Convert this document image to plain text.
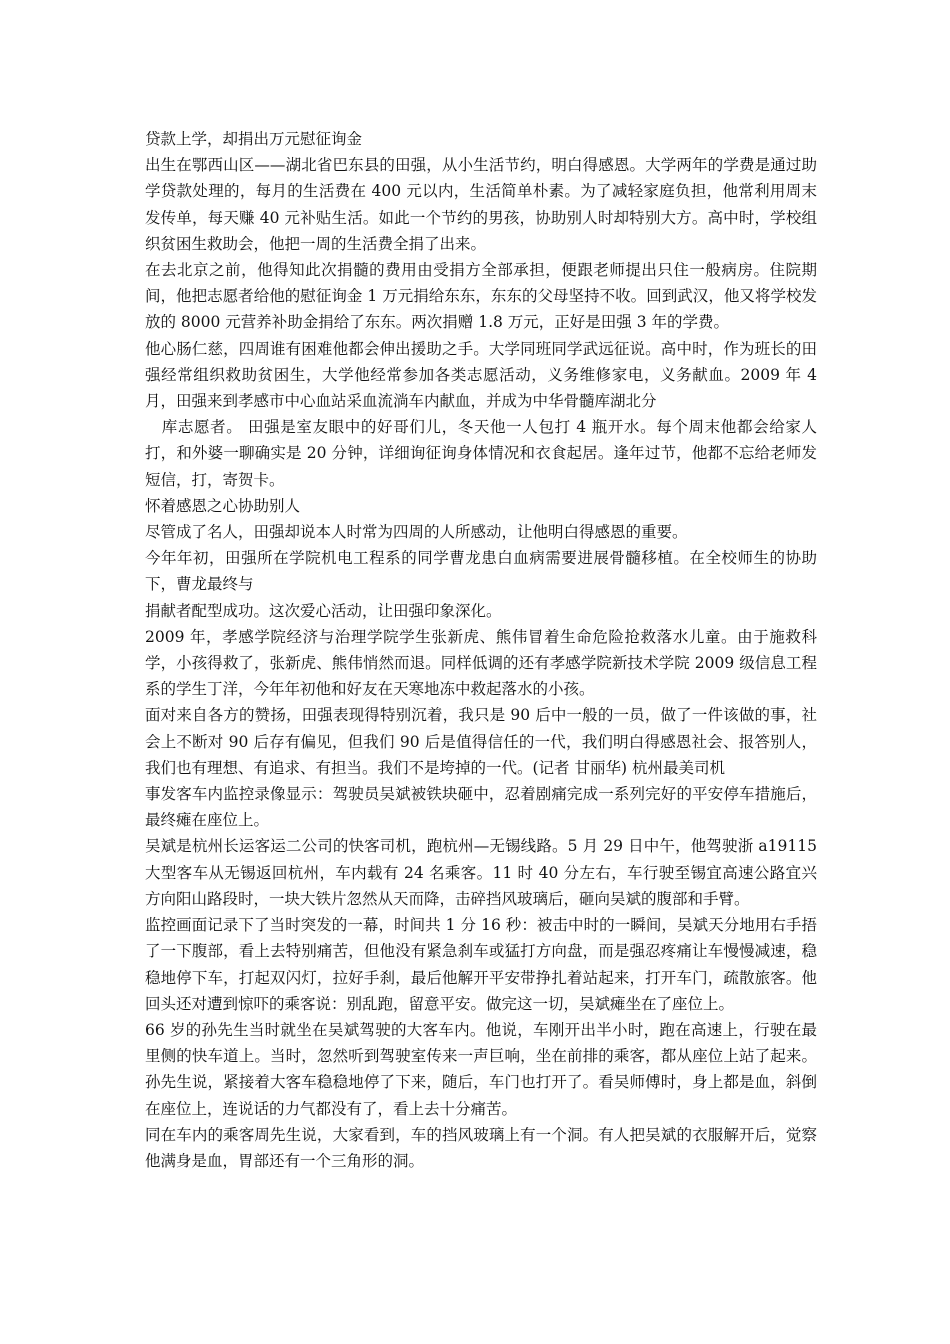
贷款上学，却捐出万元慰征询金

出生在鄂西山区——湖北省巴东县的田强，从小生活节约，明白得感恩。大学两年的学费是通过助学贷款处理的，每月的生活费在 400 元以内，生活简单朴素。为了减轻家庭负担，他常利用周末发传单，每天赚 40 元补贴生活。如此一个节约的男孩，协助别人时却特别大方。高中时，学校组织贫困生救助会，他把一周的生活费全捐了出来。

在去北京之前，他得知此次捐髓的费用由受捐方全部承担，便跟老师提出只住一般病房。住院期间，他把志愿者给他的慰征询金 1 万元捐给东东，东东的父母坚持不收。回到武汉，他又将学校发放的 8000 元营养补助金捐给了东东。两次捐赠 1.8 万元，正好是田强 3 年的学费。

他心肠仁慈，四周谁有困难他都会伸出援助之手。大学同班同学武远征说。高中时，作为班长的田强经常组织救助贫困生，大学他经常参加各类志愿活动，义务维修家电，义务献血。2009 年 4 月，田强来到孝感市中心血站采血流淌车内献血，并成为中华骨髓库湖北分

库志愿者。 田强是室友眼中的好哥们儿，冬天他一人包打 4 瓶开水。每个周末他都会给家人打，和外婆一聊确实是 20 分钟，详细询征询身体情况和衣食起居。逢年过节，他都不忘给老师发短信，打，寄贺卡。

怀着感恩之心协助别人

尽管成了名人，田强却说本人时常为四周的人所感动，让他明白得感恩的重要。

今年年初，田强所在学院机电工程系的同学曹龙患白血病需要进展骨髓移植。在全校师生的协助下，曹龙最终与

捐献者配型成功。这次爱心活动，让田强印象深化。

2009 年，孝感学院经济与治理学院学生张新虎、熊伟冒着生命危险抢救落水儿童。由于施救科学，小孩得救了，张新虎、熊伟悄然而退。同样低调的还有孝感学院新技术学院 2009 级信息工程系的学生丁洋，今年年初他和好友在天寒地冻中救起落水的小孩。

面对来自各方的赞扬，田强表现得特别沉着，我只是 90 后中一般的一员，做了一件该做的事，社会上不断对 90 后存有偏见，但我们 90 后是值得信任的一代，我们明白得感恩社会、报答别人，我们也有理想、有追求、有担当。我们不是垮掉的一代。(记者 甘丽华) 杭州最美司机

事发客车内监控录像显示：驾驶员吴斌被铁块砸中，忍着剧痛完成一系列完好的平安停车措施后，最终瘫在座位上。

吴斌是杭州长运客运二公司的快客司机，跑杭州—无锡线路。5 月 29 日中午，他驾驶浙 a19115 大型客车从无锡返回杭州，车内载有 24 名乘客。11 时 40 分左右，车行驶至锡宜高速公路宜兴方向阳山路段时，一块大铁片忽然从天而降，击碎挡风玻璃后，砸向吴斌的腹部和手臂。

监控画面记录下了当时突发的一幕，时间共 1 分 16 秒：被击中时的一瞬间，吴斌天分地用右手捂了一下腹部，看上去特别痛苦，但他没有紧急刹车或猛打方向盘，而是强忍疼痛让车慢慢减速，稳稳地停下车，打起双闪灯，拉好手刹，最后他解开平安带挣扎着站起来，打开车门，疏散旅客。他回头还对遭到惊吓的乘客说：别乱跑，留意平安。做完这一切，吴斌瘫坐在了座位上。

66 岁的孙先生当时就坐在吴斌驾驶的大客车内。他说，车刚开出半小时，跑在高速上，行驶在最里侧的快车道上。当时，忽然听到驾驶室传来一声巨响，坐在前排的乘客，都从座位上站了起来。孙先生说，紧接着大客车稳稳地停了下来，随后，车门也打开了。看吴师傅时，身上都是血，斜倒在座位上，连说话的力气都没有了，看上去十分痛苦。

同在车内的乘客周先生说，大家看到，车的挡风玻璃上有一个洞。有人把吴斌的衣服解开后，觉察他满身是血，胃部还有一个三角形的洞。
